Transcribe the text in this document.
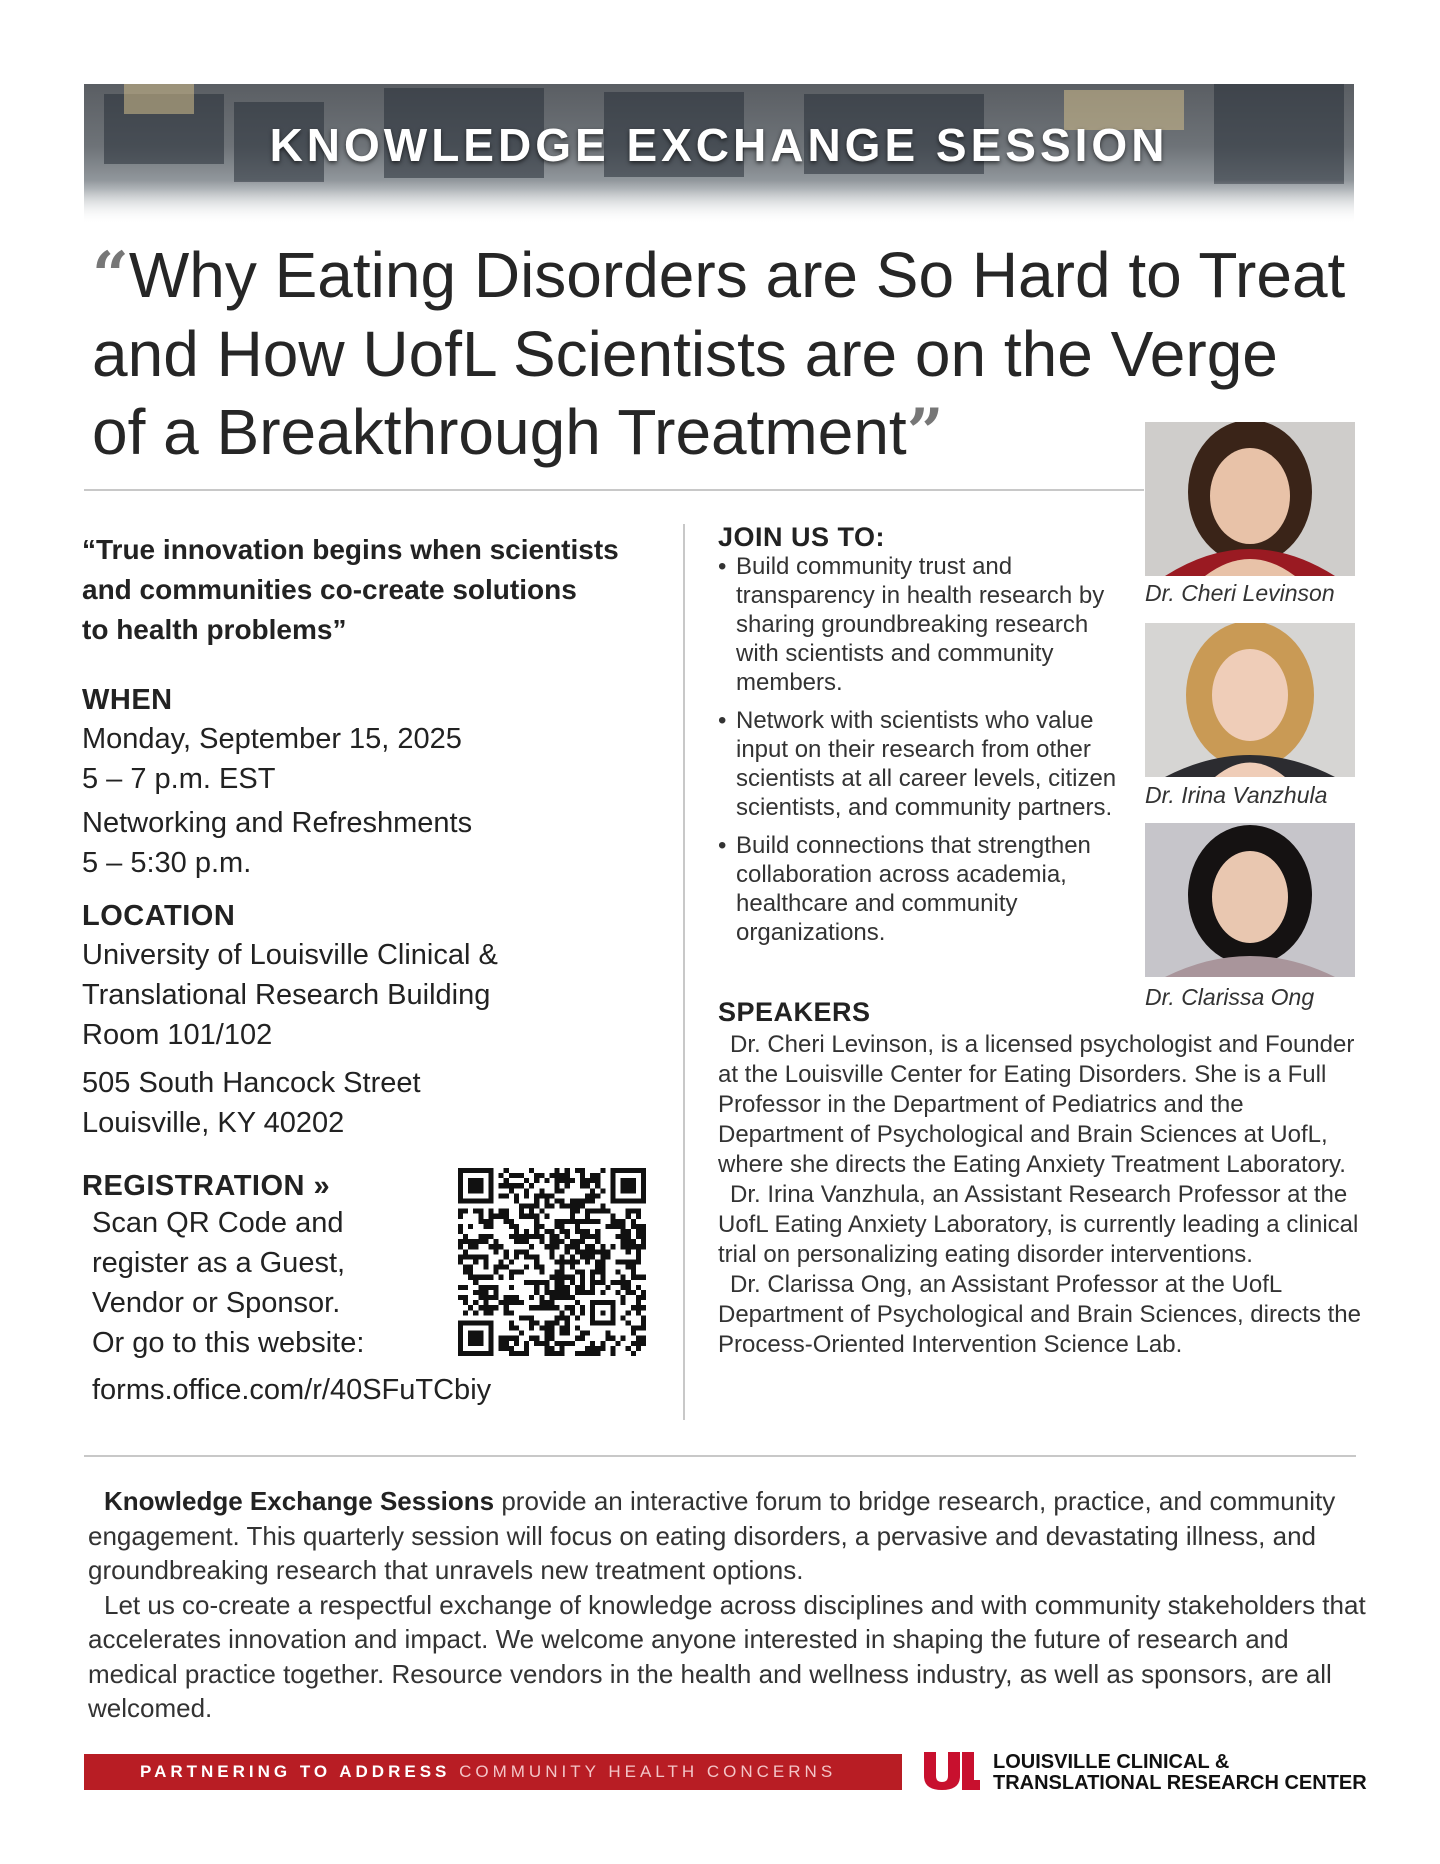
KNOWLEDGE EXCHANGE SESSION
“Why Eating Disorders are So Hard to Treat
and How UofL Scientists are on the Verge
of a Breakthrough Treatment”
“True innovation begins when scientists
and communities co-create solutions
to health problems”
WHEN
Monday, September 15, 2025
5 – 7 p.m. EST
Networking and Refreshments
5 – 5:30 p.m.
LOCATION
University of Louisville Clinical &
Translational Research Building
Room 101/102
505 South Hancock Street
Louisville, KY 40202
REGISTRATION »
Scan QR Code and
register as a Guest,
Vendor or Sponsor.
Or go to this website:
forms.office.com/r/40SFuTCbiy
JOIN US TO:
• Build community trust and transparency in health research by sharing groundbreaking research with scientists and community members.
• Network with scientists who value input on their research from other scientists at all career levels, citizen scientists, and community partners.
• Build connections that strengthen collaboration across academia, healthcare and community organizations.
Dr. Cheri Levinson
Dr. Irina Vanzhula
Dr. Clarissa Ong
SPEAKERS

Dr. Cheri Levinson, is a licensed psychologist and Founder at the Louisville Center for Eating Disorders. She is a Full Professor in the Department of Pediatrics and the Department of Psychological and Brain Sciences at UofL, where she directs the Eating Anxiety Treatment Laboratory.

Dr. Irina Vanzhula, an Assistant Research Professor at the UofL Eating Anxiety Laboratory, is currently leading a clinical trial on personalizing eating disorder interventions.

Dr. Clarissa Ong, an Assistant Professor at the UofL Department of Psychological and Brain Sciences, directs the Process-Oriented Intervention Science Lab.

Knowledge Exchange Sessions provide an interactive forum to bridge research, practice, and community engagement. This quarterly session will focus on eating disorders, a pervasive and devastating illness, and groundbreaking research that unravels new treatment options.

Let us co-create a respectful exchange of knowledge across disciplines and with community stakeholders that accelerates innovation and impact. We welcome anyone interested in shaping the future of research and medical practice together. Resource vendors in the health and wellness industry, as well as sponsors, are all welcomed.

PARTNERING TO ADDRESS COMMUNITY HEALTH CONCERNS	LOUISVILLE CLINICAL &
TRANSLATIONAL RESEARCH CENTER
